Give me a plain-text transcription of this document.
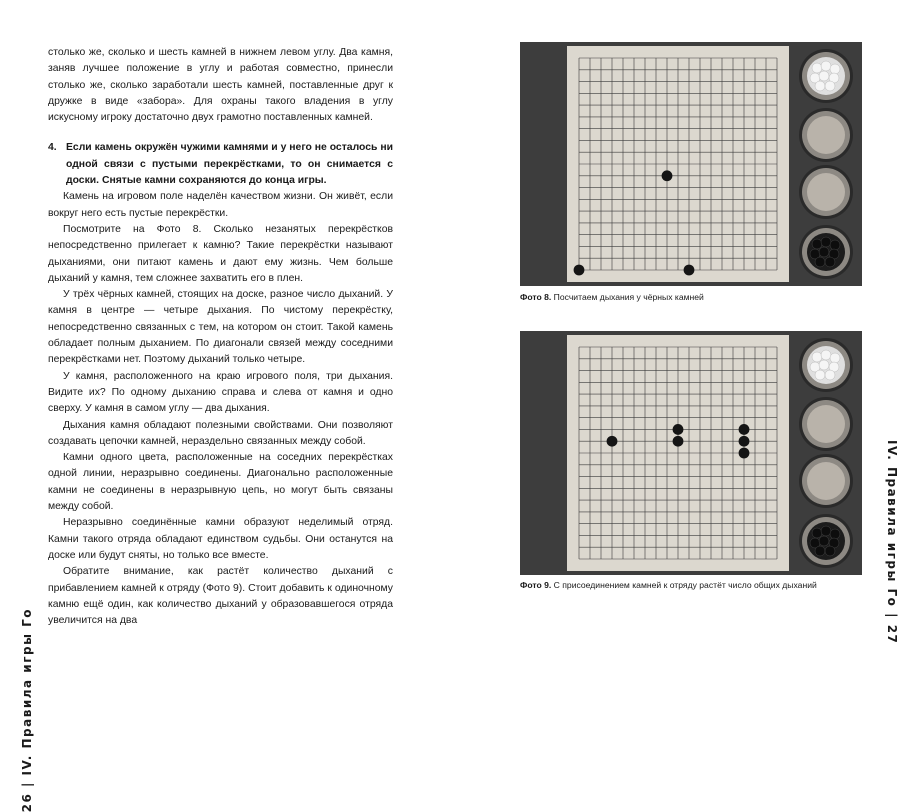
столько же, сколько и шесть камней в нижнем левом углу. Два камня, заняв лучшее положение в углу и работая совместно, принесли столько же, сколько заработали шесть камней, поставленные друг к дружке в виде «забора». Для охраны такого владения в углу искусному игроку достаточно двух грамотно поставленных камней.

4. Если камень окружён чужими камнями и у него не осталось ни одной связи с пустыми перекрёстками, то он снимается с доски. Снятые камни сохраняются до конца игры.

Камень на игровом поле наделён качеством жизни. Он живёт, если вокруг него есть пустые перекрёстки.

Посмотрите на Фото 8. Сколько незанятых перекрёстков непосредственно прилегает к камню? Такие перекрёстки называют дыханиями, они питают камень и дают ему жизнь. Чем больше дыханий у камня, тем сложнее захватить его в плен.

У трёх чёрных камней, стоящих на доске, разное число дыханий. У камня в центре — четыре дыхания. По чистому перекрёстку, непосредственно связанных с тем, на котором он стоит. Такой камень обладает полным дыханием. По диагонали связей между соседними перекрёстками нет. Поэтому дыханий только четыре.

У камня, расположенного на краю игрового поля, три дыхания. Видите их? По одному дыханию справа и слева от камня и одно сверху. У камня в самом углу — два дыхания.

Дыхания камня обладают полезными свойствами. Они позволяют создавать цепочки камней, нераздельно связанных между собой.

Камни одного цвета, расположенные на соседних перекрёстках одной линии, неразрывно соединены. Диагонально расположенные камни не соединены в неразрывную цепь, но могут быть связаны между собой.

Неразрывно соединённые камни образуют неделимый отряд. Камни такого отряда обладают единством судьбы. Они останутся на доске или будут сняты, но только все вместе.

Обратите внимание, как растёт количество дыханий с прибавлением камней к отряду (Фото 9). Стоит добавить к одиночному камню ещё один, как количество дыханий у образовавшегося отряда увеличится на два

26 | IV. Правила игры Го
IV. Правила игры Го | 27
Фото 8. Посчитаем дыхания у чёрных камней
Фото 9. С присоединением камней к отряду растёт число общих дыханий
